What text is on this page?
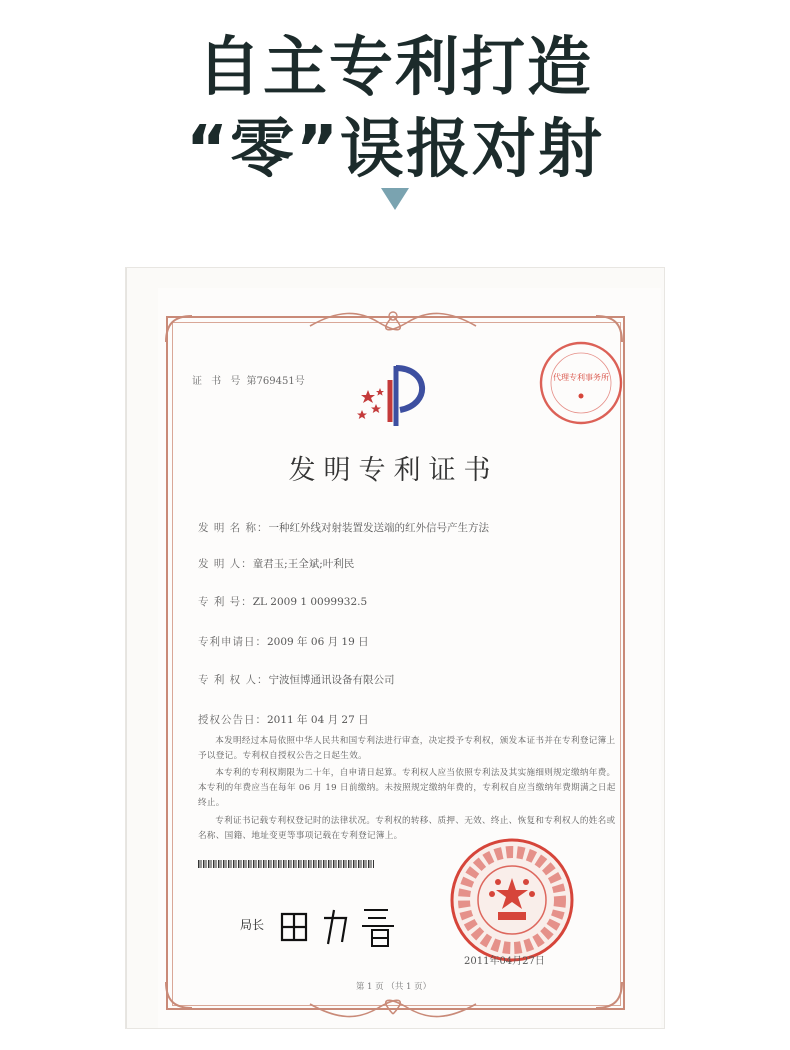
自主专利打造
“零”误报对射
证 书 号 第769451号	代理专利事务所
发明专利证书
发 明 名 称：一种红外线对射装置发送端的红外信号产生方法
发 明 人：童君玉;王全斌;叶利民
专 利 号：ZL 2009 1 0099932.5
专利申请日：2009 年 06 月 19 日
专 利 权 人：宁波恒博通讯设备有限公司
授权公告日：2011 年 04 月 27 日
本发明经过本局依照中华人民共和国专利法进行审查，决定授予专利权，颁发本证书并在专利登记簿上予以登记。专利权自授权公告之日起生效。
本专利的专利权期限为二十年，自申请日起算。专利权人应当依照专利法及其实施细则规定缴纳年费。本专利的年费应当在每年 06 月 19 日前缴纳。未按照规定缴纳年费的，专利权自应当缴纳年费期满之日起终止。
专利证书记载专利权登记时的法律状况。专利权的转移、质押、无效、终止、恢复和专利权人的姓名或名称、国籍、地址变更等事项记载在专利登记簿上。
局长
2011年04月27日
第 1 页 （共 1 页）
